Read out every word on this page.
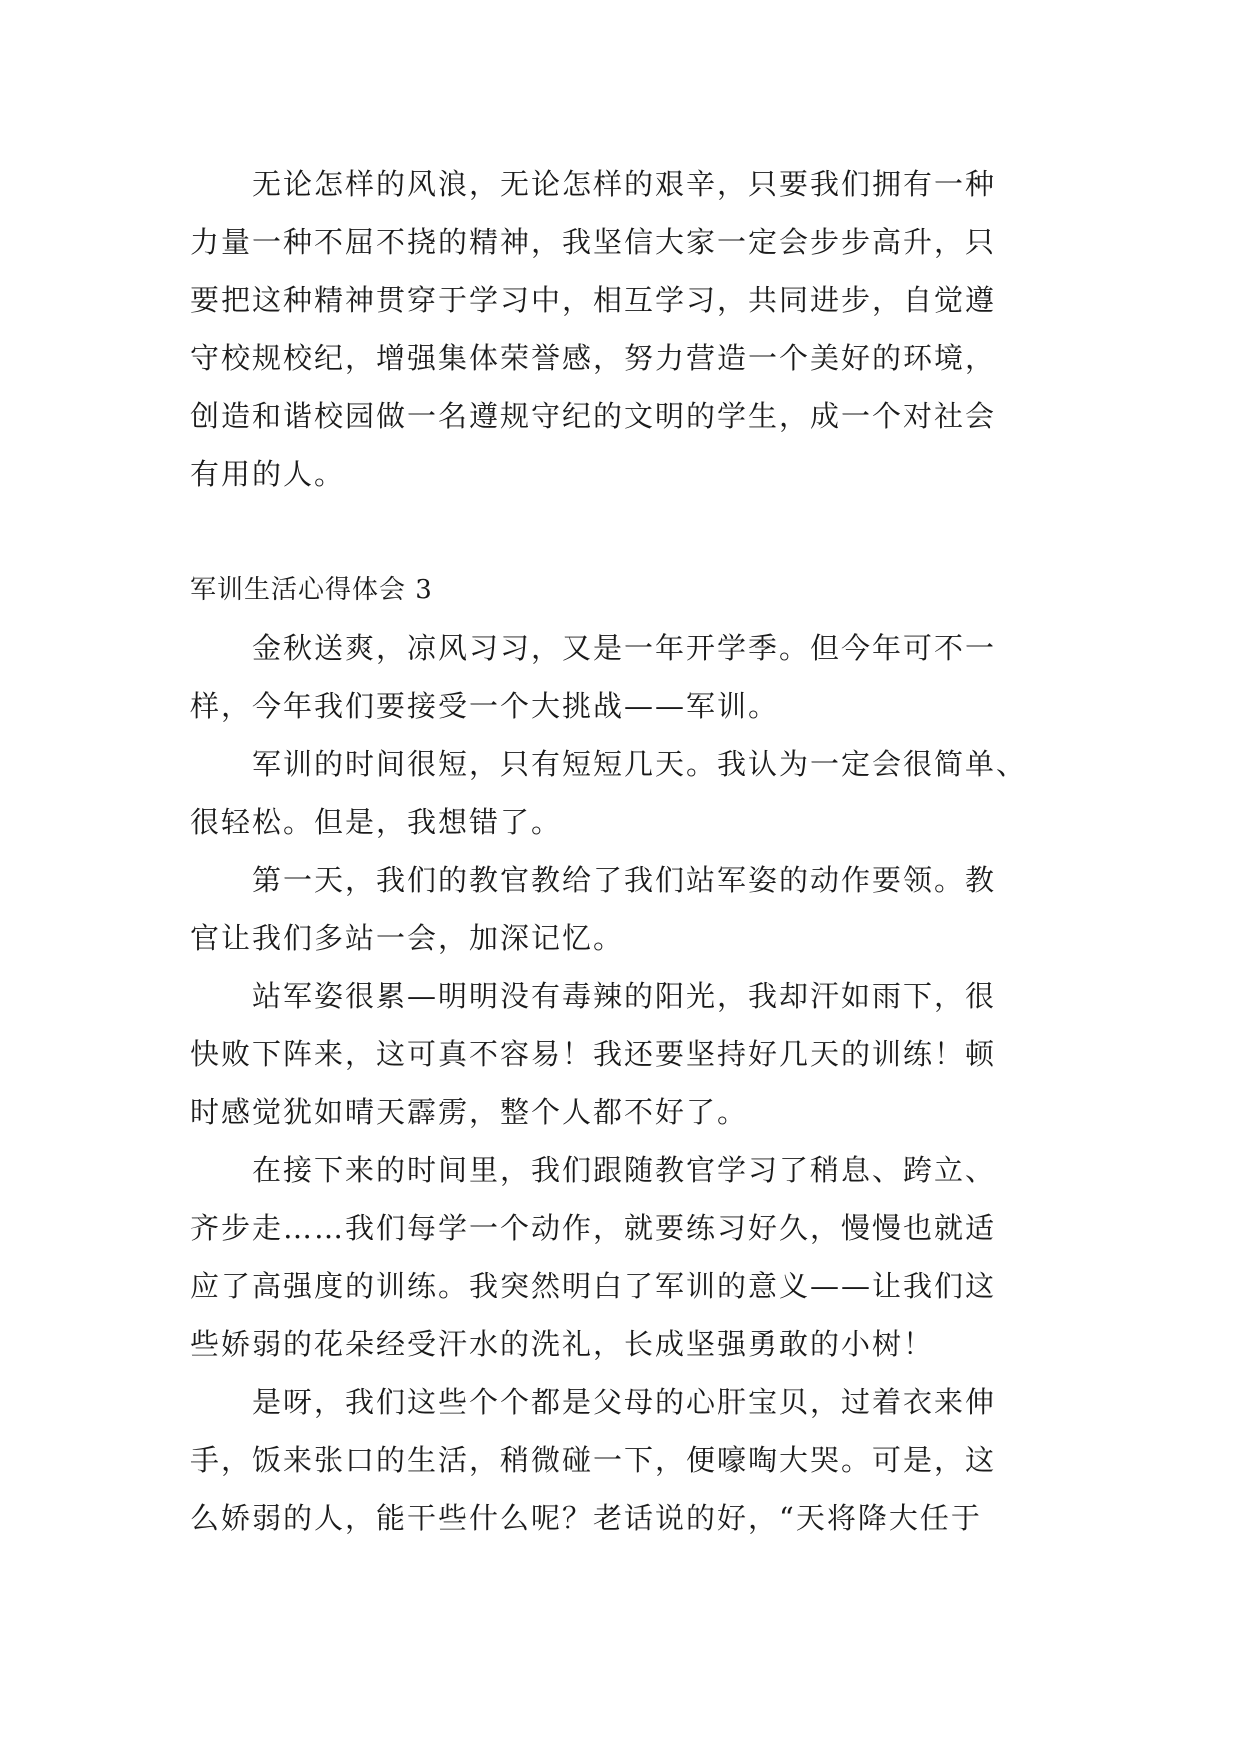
无论怎样的风浪，无论怎样的艰辛，只要我们拥有一种
力量一种不屈不挠的精神，我坚信大家一定会步步高升，只
要把这种精神贯穿于学习中，相互学习，共同进步，自觉遵
守校规校纪，增强集体荣誉感，努力营造一个美好的环境，
创造和谐校园做一名遵规守纪的文明的学生，成一个对社会
有用的人。
军训生活心得体会 3
金秋送爽，凉风习习，又是一年开学季。但今年可不一
样，今年我们要接受一个大挑战——军训。
军训的时间很短，只有短短几天。我认为一定会很简单、
很轻松。但是，我想错了。
第一天，我们的教官教给了我们站军姿的动作要领。教
官让我们多站一会，加深记忆。
站军姿很累—明明没有毒辣的阳光，我却汗如雨下，很
快败下阵来，这可真不容易！我还要坚持好几天的训练！顿
时感觉犹如晴天霹雳，整个人都不好了。
在接下来的时间里，我们跟随教官学习了稍息、跨立、
齐步走……我们每学一个动作，就要练习好久，慢慢也就适
应了高强度的训练。我突然明白了军训的意义——让我们这
些娇弱的花朵经受汗水的洗礼，长成坚强勇敢的小树！
是呀，我们这些个个都是父母的心肝宝贝，过着衣来伸
手，饭来张口的生活，稍微碰一下，便嚎啕大哭。可是，这
么娇弱的人，能干些什么呢？老话说的好，“天将降大任于
